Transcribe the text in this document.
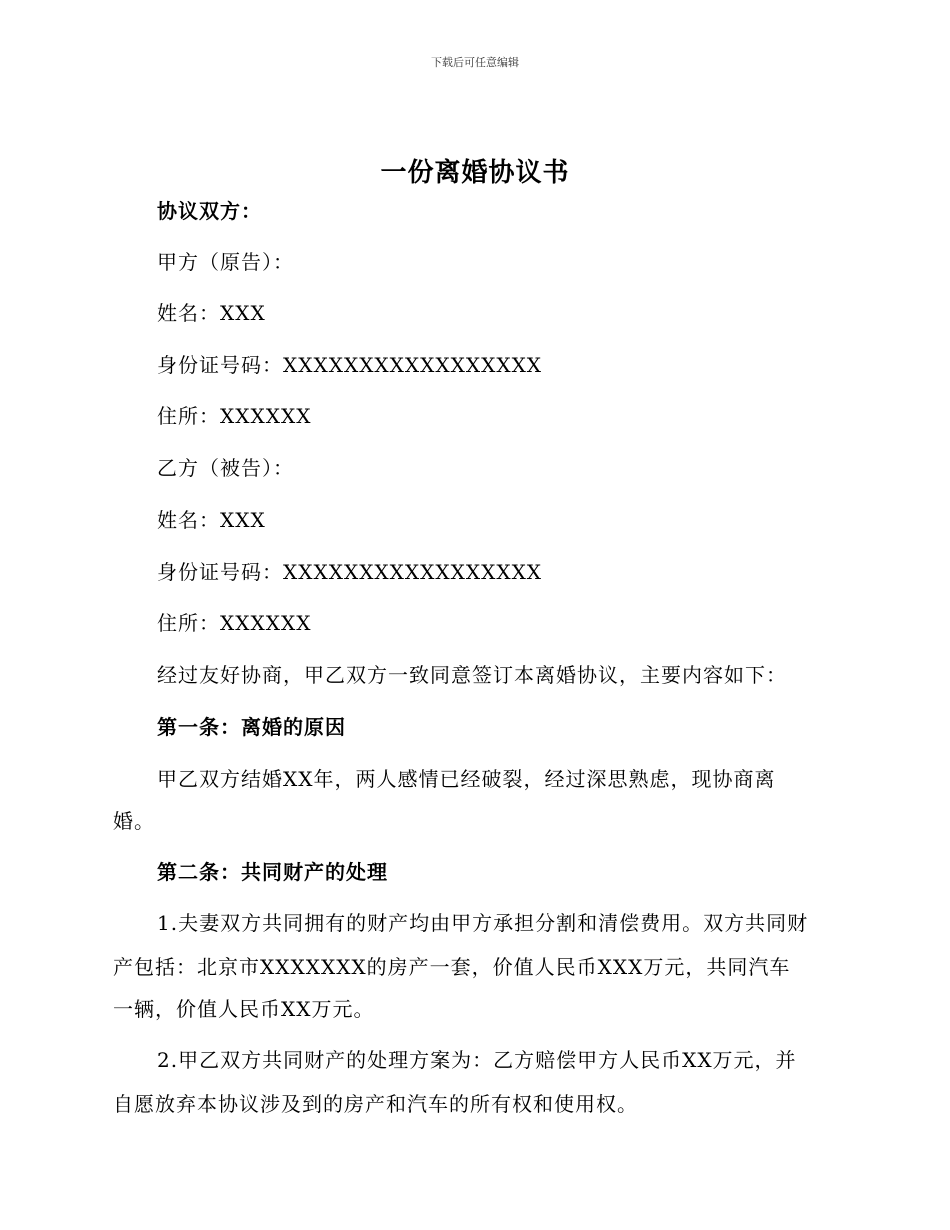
下载后可任意编辑
一份离婚协议书
协议双方：
甲方（原告）：
姓名：XXX
身份证号码：XXXXXXXXXXXXXXXXX
住所：XXXXXX
乙方（被告）：
姓名：XXX
身份证号码：XXXXXXXXXXXXXXXXX
住所：XXXXXX
经过友好协商，甲乙双方一致同意签订本离婚协议，主要内容如下：
第一条：离婚的原因
甲乙双方结婚XX年，两人感情已经破裂，经过深思熟虑，现协商离
婚。
第二条：共同财产的处理
1.夫妻双方共同拥有的财产均由甲方承担分割和清偿费用。双方共同财
产包括：北京市XXXXXXX的房产一套，价值人民币XXX万元，共同汽车
一辆，价值人民币XX万元。
2.甲乙双方共同财产的处理方案为：乙方赔偿甲方人民币XX万元，并
自愿放弃本协议涉及到的房产和汽车的所有权和使用权。
